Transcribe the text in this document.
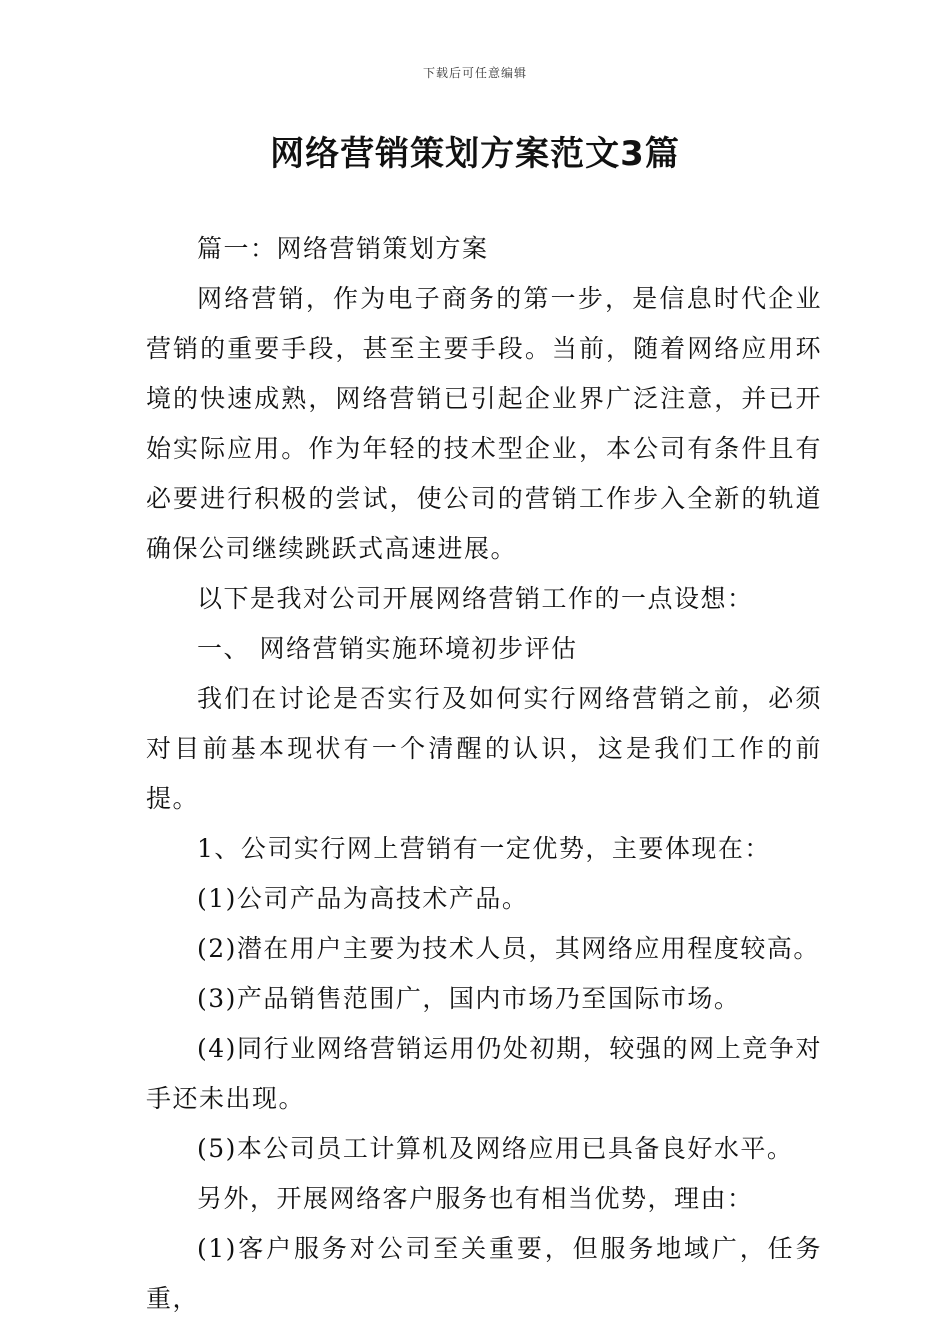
下载后可任意编辑
网络营销策划方案范文3篇

篇一：网络营销策划方案

网络营销，作为电子商务的第一步，是信息时代企业营销的重要手段，甚至主要手段。当前，随着网络应用环境的快速成熟，网络营销已引起企业界广泛注意，并已开始实际应用。作为年轻的技术型企业，本公司有条件且有必要进行积极的尝试，使公司的营销工作步入全新的轨道确保公司继续跳跃式高速进展。

以下是我对公司开展网络营销工作的一点设想：

一、 网络营销实施环境初步评估

我们在讨论是否实行及如何实行网络营销之前，必须对目前基本现状有一个清醒的认识，这是我们工作的前提。

1、公司实行网上营销有一定优势，主要体现在：

(1)公司产品为高技术产品。

(2)潜在用户主要为技术人员，其网络应用程度较高。

(3)产品销售范围广，国内市场乃至国际市场。

(4)同行业网络营销运用仍处初期，较强的网上竞争对手还未出现。

(5)本公司员工计算机及网络应用已具备良好水平。

另外，开展网络客户服务也有相当优势，理由：

(1)客户服务对公司至关重要，但服务地域广，任务重，
